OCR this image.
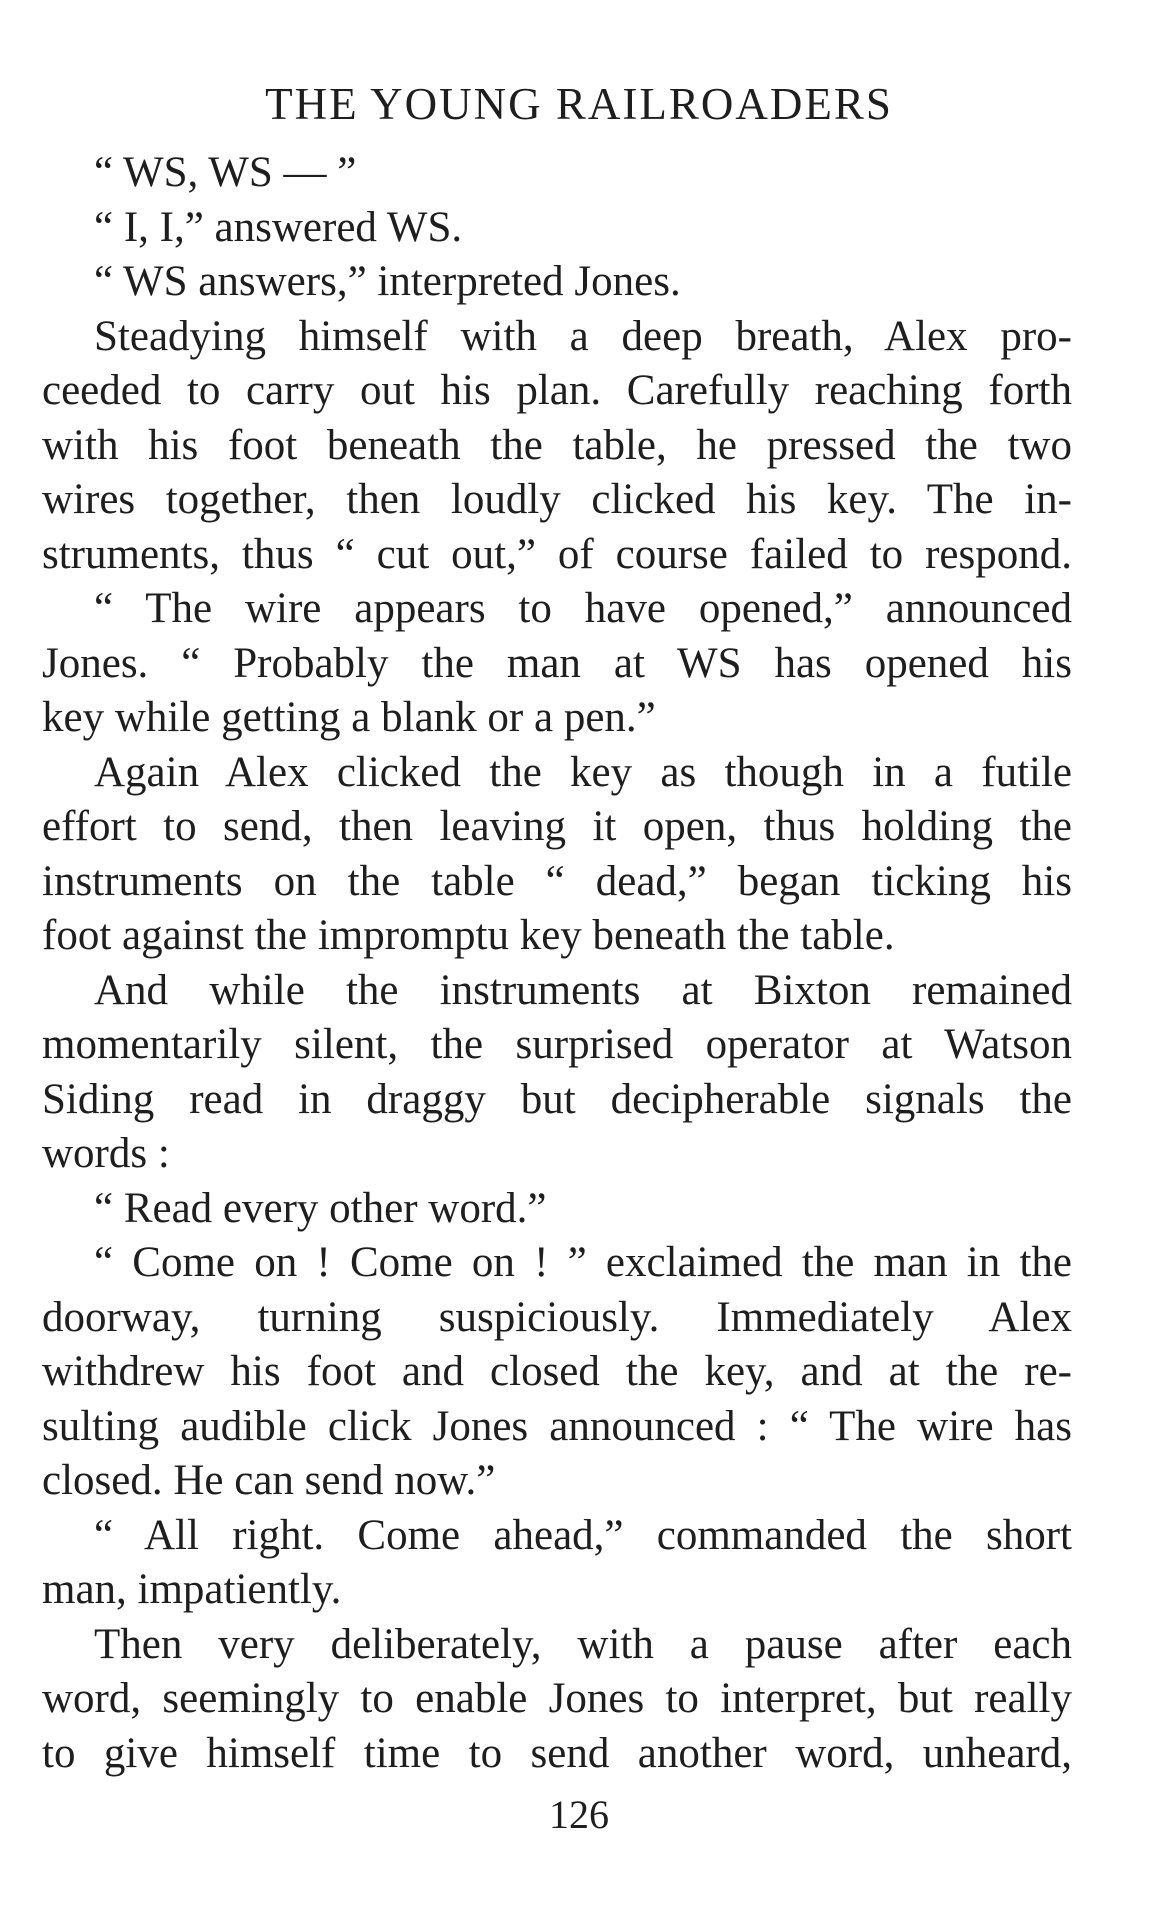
THE YOUNG RAILROADERS
“ WS, WS — ”
“ I, I,” answered WS.
“ WS answers,” interpreted Jones.
Steadying himself with a deep breath, Alex pro-
ceeded to carry out his plan. Carefully reaching forth
with his foot beneath the table, he pressed the two
wires together, then loudly clicked his key. The in-
struments, thus “ cut out,” of course failed to respond.
“ The wire appears to have opened,” announced
Jones. “ Probably the man at WS has opened his
key while getting a blank or a pen.”
Again Alex clicked the key as though in a futile
effort to send, then leaving it open, thus holding the
instruments on the table “ dead,” began ticking his
foot against the impromptu key beneath the table.
And while the instruments at Bixton remained
momentarily silent, the surprised operator at Watson
Siding read in draggy but decipherable signals the
words :
“ Read every other word.”
“ Come on ! Come on ! ” exclaimed the man in the
doorway, turning suspiciously. Immediately Alex
withdrew his foot and closed the key, and at the re-
sulting audible click Jones announced : “ The wire has
closed. He can send now.”
“ All right. Come ahead,” commanded the short
man, impatiently.
Then very deliberately, with a pause after each
word, seemingly to enable Jones to interpret, but really
to give himself time to send another word, unheard,
126
